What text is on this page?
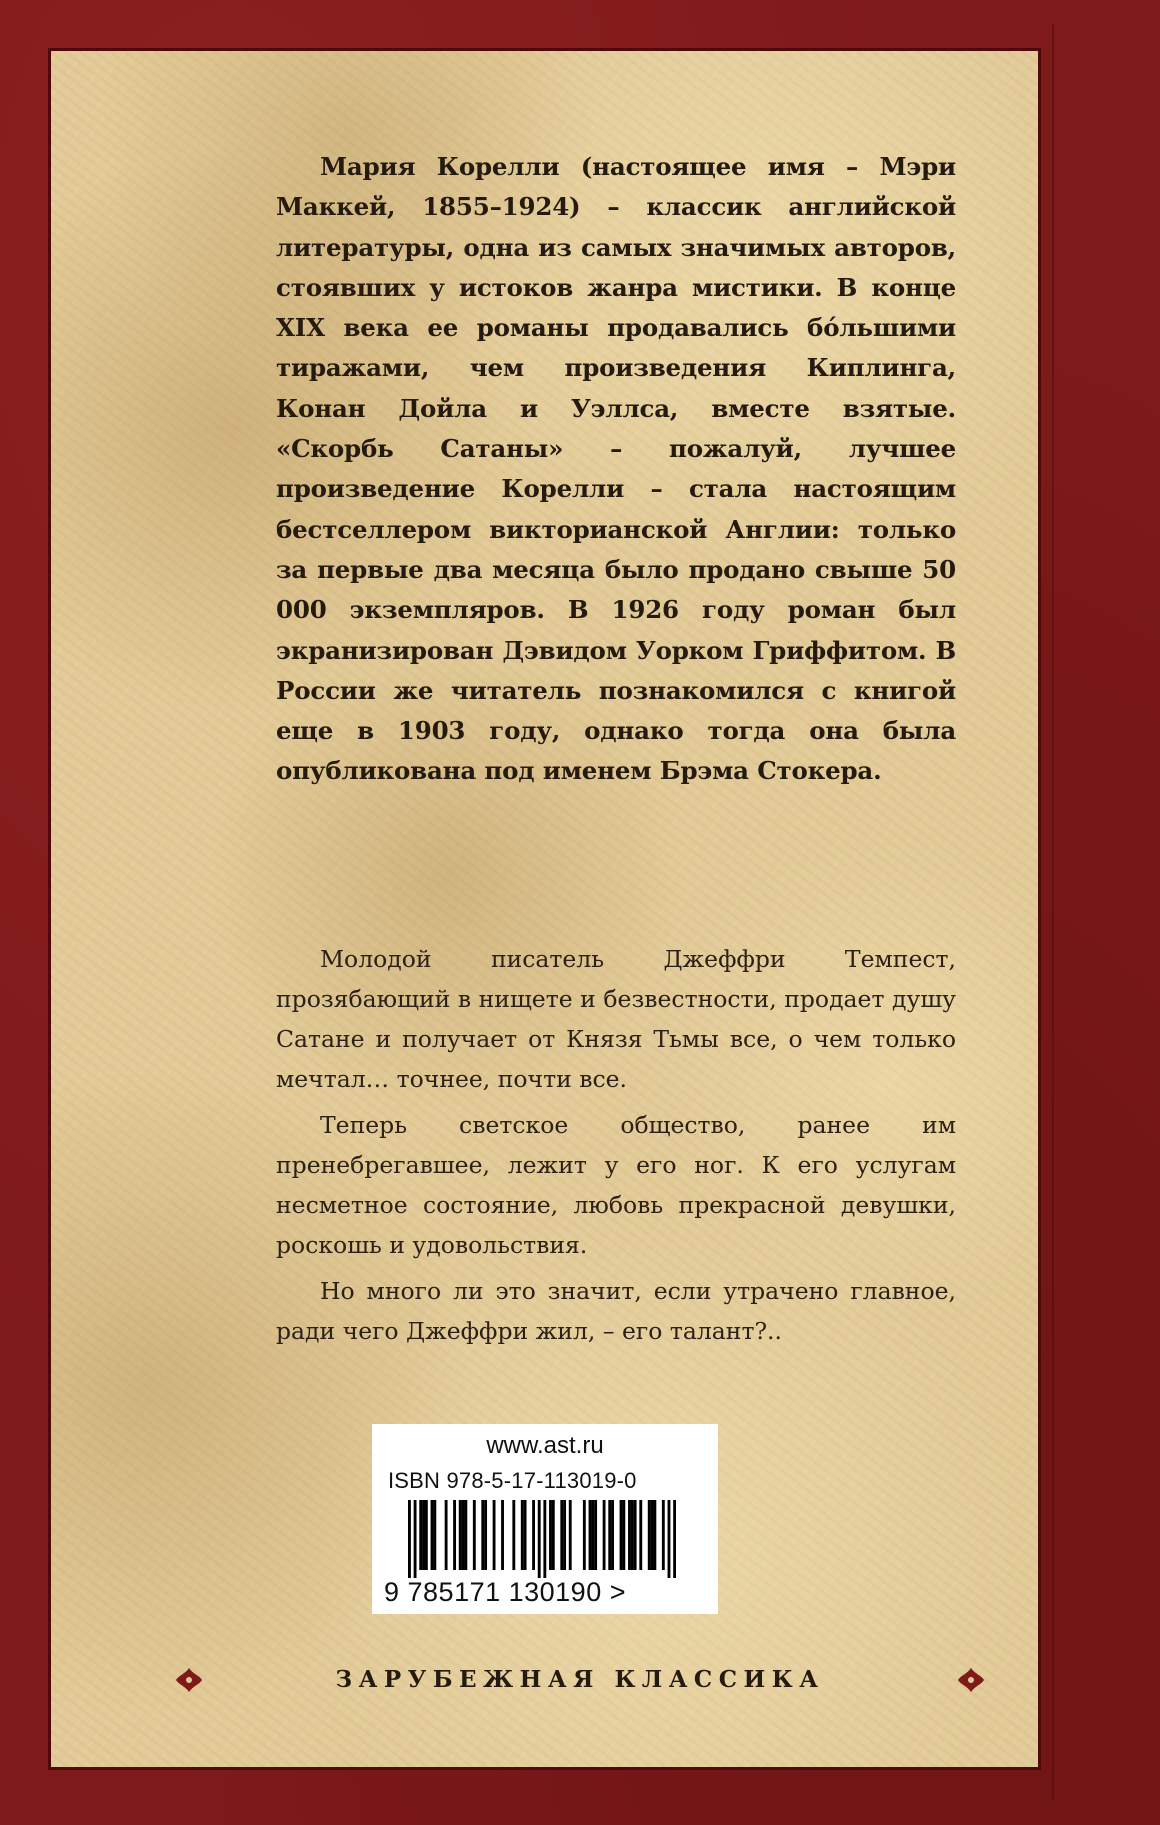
Мария Корелли (настоящее имя – Мэри Маккей, 1855–1924) – классик английской литературы, одна из самых значимых авторов, стоявших у истоков жанра мистики. В конце XIX века ее романы продавались бо́льшими тиражами, чем произведения Киплинга, Конан Дойла и Уэллса, вместе взятые. «Скорбь Сатаны» – пожалуй, лучшее произведение Корелли – стала настоящим бестселлером викторианской Англии: только за первые два месяца было продано свыше 50 000 экземпляров. В 1926 году роман был экранизирован Дэвидом Уорком Гриффитом. В России же читатель познакомился с книгой еще в 1903 году, однако тогда она была опубликована под именем Брэма Стокера.

Молодой писатель Джеффри Темпест, прозябающий в нищете и безвестности, продает душу Сатане и получает от Князя Тьмы все, о чем только мечтал… точнее, почти все.

Теперь светское общество, ранее им пренебрегавшее, лежит у его ног. К его услугам несметное состояние, любовь прекрасной девушки, роскошь и удовольствия.

Но много ли это значит, если утрачено главное, ради чего Джеффри жил, – его талант?..

www.ast.ru
ISBN 978-5-17-113019-0
9 785171 130190 >
ЗАРУБЕЖНАЯ КЛАССИКА
